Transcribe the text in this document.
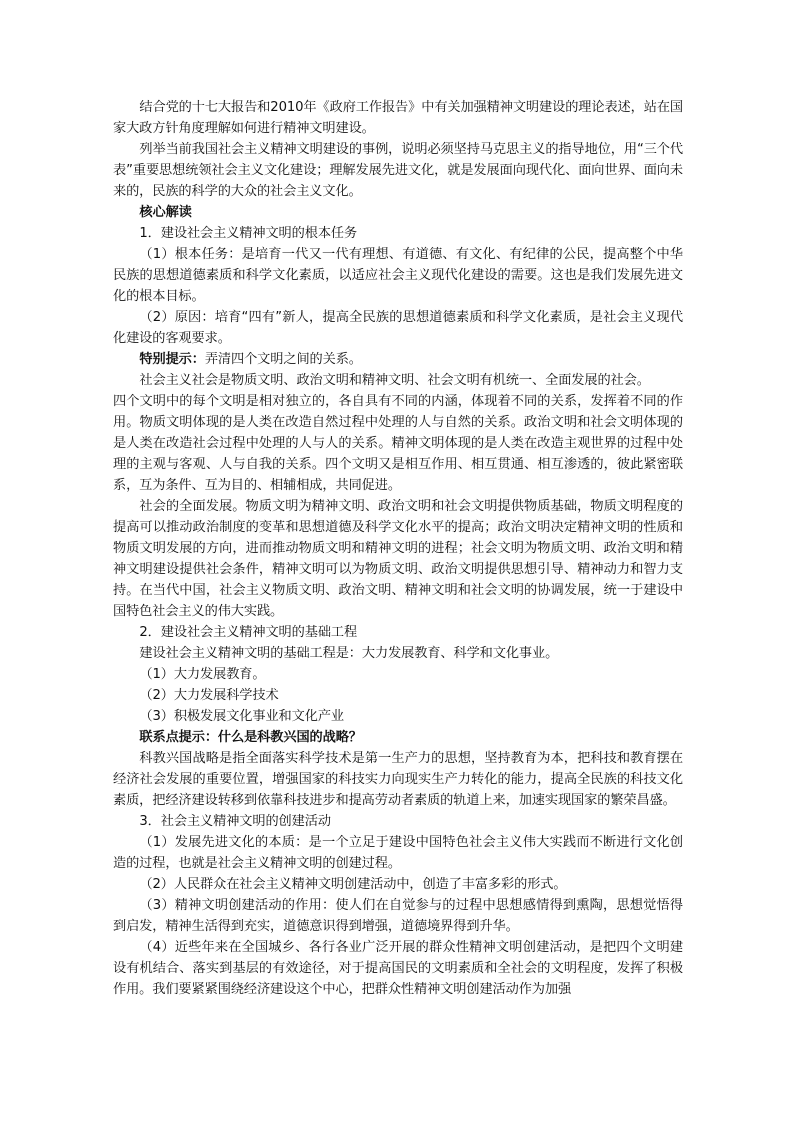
结合党的十七大报告和2010年《政府工作报告》中有关加强精神文明建设的理论表述，站在国家大政方针角度理解如何进行精神文明建设。

列举当前我国社会主义精神文明建设的事例，说明必须坚持马克思主义的指导地位，用“三个代表”重要思想统领社会主义文化建设；理解发展先进文化，就是发展面向现代化、面向世界、面向未来的，民族的科学的大众的社会主义文化。

核心解读

1．建设社会主义精神文明的根本任务

（1）根本任务：是培育一代又一代有理想、有道德、有文化、有纪律的公民，提高整个中华民族的思想道德素质和科学文化素质，以适应社会主义现代化建设的需要。这也是我们发展先进文化的根本目标。

（2）原因：培育“四有”新人，提高全民族的思想道德素质和科学文化素质，是社会主义现代化建设的客观要求。

特别提示：弄清四个文明之间的关系。

社会主义社会是物质文明、政治文明和精神文明、社会文明有机统一、全面发展的社会。

四个文明中的每个文明是相对独立的，各自具有不同的内涵，体现着不同的关系，发挥着不同的作用。物质文明体现的是人类在改造自然过程中处理的人与自然的关系。政治文明和社会文明体现的是人类在改造社会过程中处理的人与人的关系。精神文明体现的是人类在改造主观世界的过程中处理的主观与客观、人与自我的关系。四个文明又是相互作用、相互贯通、相互渗透的，彼此紧密联系，互为条件、互为目的、相辅相成，共同促进。

社会的全面发展。物质文明为精神文明、政治文明和社会文明提供物质基础，物质文明程度的提高可以推动政治制度的变革和思想道德及科学文化水平的提高；政治文明决定精神文明的性质和物质文明发展的方向，进而推动物质文明和精神文明的进程；社会文明为物质文明、政治文明和精神文明建设提供社会条件，精神文明可以为物质文明、政治文明提供思想引导、精神动力和智力支持。在当代中国，社会主义物质文明、政治文明、精神文明和社会文明的协调发展，统一于建设中国特色社会主义的伟大实践。

2．建设社会主义精神文明的基础工程

建设社会主义精神文明的基础工程是：大力发展教育、科学和文化事业。

（1）大力发展教育。

（2）大力发展科学技术

（3）积极发展文化事业和文化产业

联系点提示：什么是科教兴国的战略？

科教兴国战略是指全面落实科学技术是第一生产力的思想，坚持教育为本，把科技和教育摆在经济社会发展的重要位置，增强国家的科技实力向现实生产力转化的能力，提高全民族的科技文化素质，把经济建设转移到依靠科技进步和提高劳动者素质的轨道上来，加速实现国家的繁荣昌盛。

3．社会主义精神文明的创建活动

（1）发展先进文化的本质：是一个立足于建设中国特色社会主义伟大实践而不断进行文化创造的过程，也就是社会主义精神文明的创建过程。

（2）人民群众在社会主义精神文明创建活动中，创造了丰富多彩的形式。

（3）精神文明创建活动的作用：使人们在自觉参与的过程中思想感情得到熏陶，思想觉悟得到启发，精神生活得到充实，道德意识得到增强，道德境界得到升华。

（4）近些年来在全国城乡、各行各业广泛开展的群众性精神文明创建活动，是把四个文明建设有机结合、落实到基层的有效途径，对于提高国民的文明素质和全社会的文明程度，发挥了积极作用。我们要紧紧围绕经济建设这个中心，把群众性精神文明创建活动作为加强
